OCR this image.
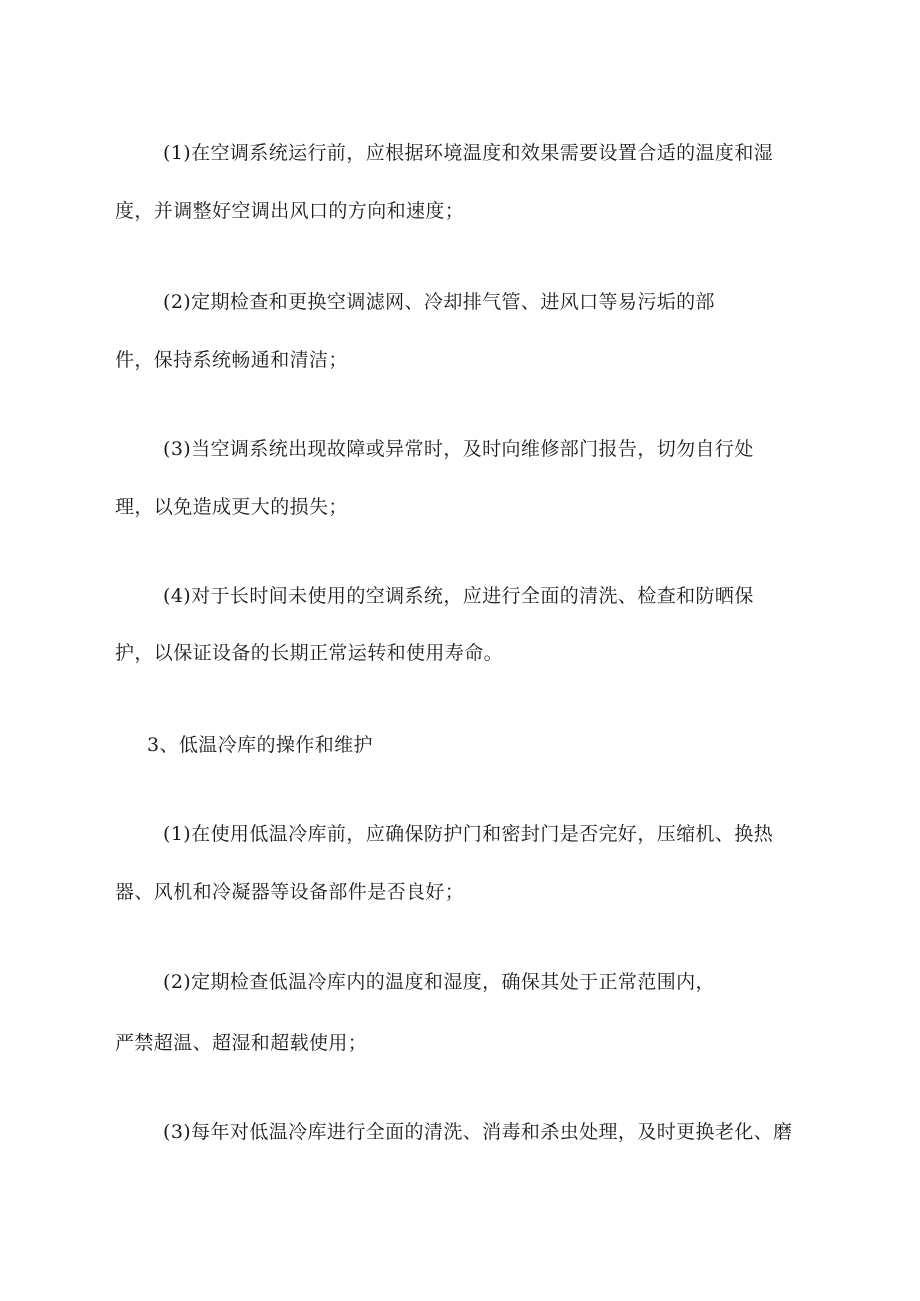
(1)在空调系统运行前，应根据环境温度和效果需要设置合适的温度和湿
度，并调整好空调出风口的方向和速度；
(2)定期检查和更换空调滤网、冷却排气管、进风口等易污垢的部
件，保持系统畅通和清洁；
(3)当空调系统出现故障或异常时，及时向维修部门报告，切勿自行处
理，以免造成更大的损失；
(4)对于长时间未使用的空调系统，应进行全面的清洗、检查和防晒保
护，以保证设备的长期正常运转和使用寿命。
3、低温冷库的操作和维护
(1)在使用低温冷库前，应确保防护门和密封门是否完好，压缩机、换热
器、风机和冷凝器等设备部件是否良好；
(2)定期检查低温冷库内的温度和湿度，确保其处于正常范围内，
严禁超温、超湿和超载使用；
(3)每年对低温冷库进行全面的清洗、消毒和杀虫处理，及时更换老化、磨
